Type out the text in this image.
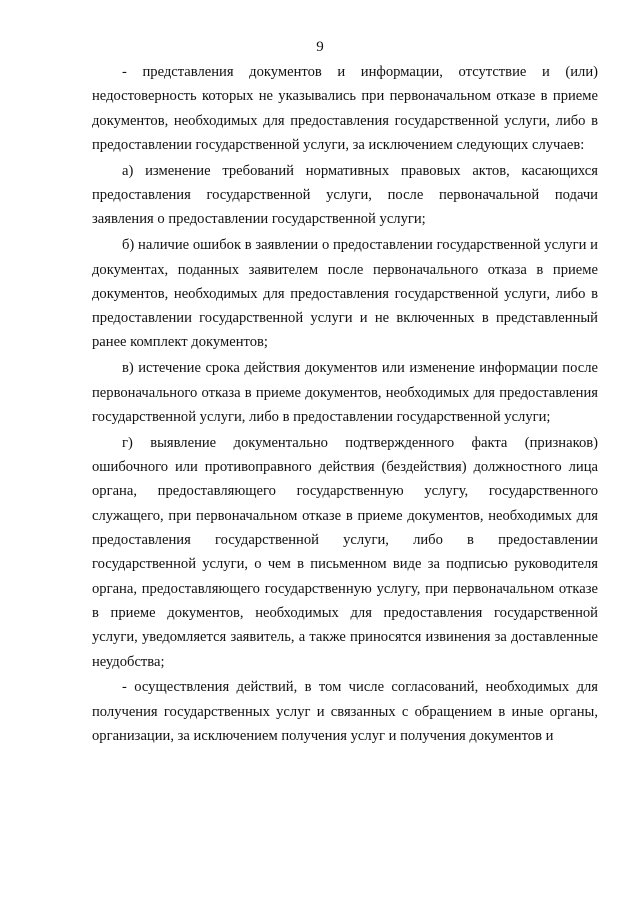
9

- представления документов и информации, отсутствие и (или) недостоверность которых не указывались при первоначальном отказе в приеме документов, необходимых для предоставления государственной услуги, либо в предоставлении государственной услуги, за исключением следующих случаев:

а) изменение требований нормативных правовых актов, касающихся предоставления государственной услуги, после первоначальной подачи заявления о предоставлении государственной услуги;

б) наличие ошибок в заявлении о предоставлении государственной услуги и документах, поданных заявителем после первоначального отказа в приеме документов, необходимых для предоставления государственной услуги, либо в предоставлении государственной услуги и не включенных в представленный ранее комплект документов;

в) истечение срока действия документов или изменение информации после первоначального отказа в приеме документов, необходимых для предоставления государственной услуги, либо в предоставлении государственной услуги;

г) выявление документально подтвержденного факта (признаков) ошибочного или противоправного действия (бездействия) должностного лица органа, предоставляющего государственную услугу, государственного служащего, при первоначальном отказе в приеме документов, необходимых для предоставления государственной услуги, либо в предоставлении государственной услуги, о чем в письменном виде за подписью руководителя органа, предоставляющего государственную услугу, при первоначальном отказе в приеме документов, необходимых для предоставления государственной услуги, уведомляется заявитель, а также приносятся извинения за доставленные неудобства;

- осуществления действий, в том числе согласований, необходимых для получения государственных услуг и связанных с обращением в иные органы, организации, за исключением получения услуг и получения документов и
